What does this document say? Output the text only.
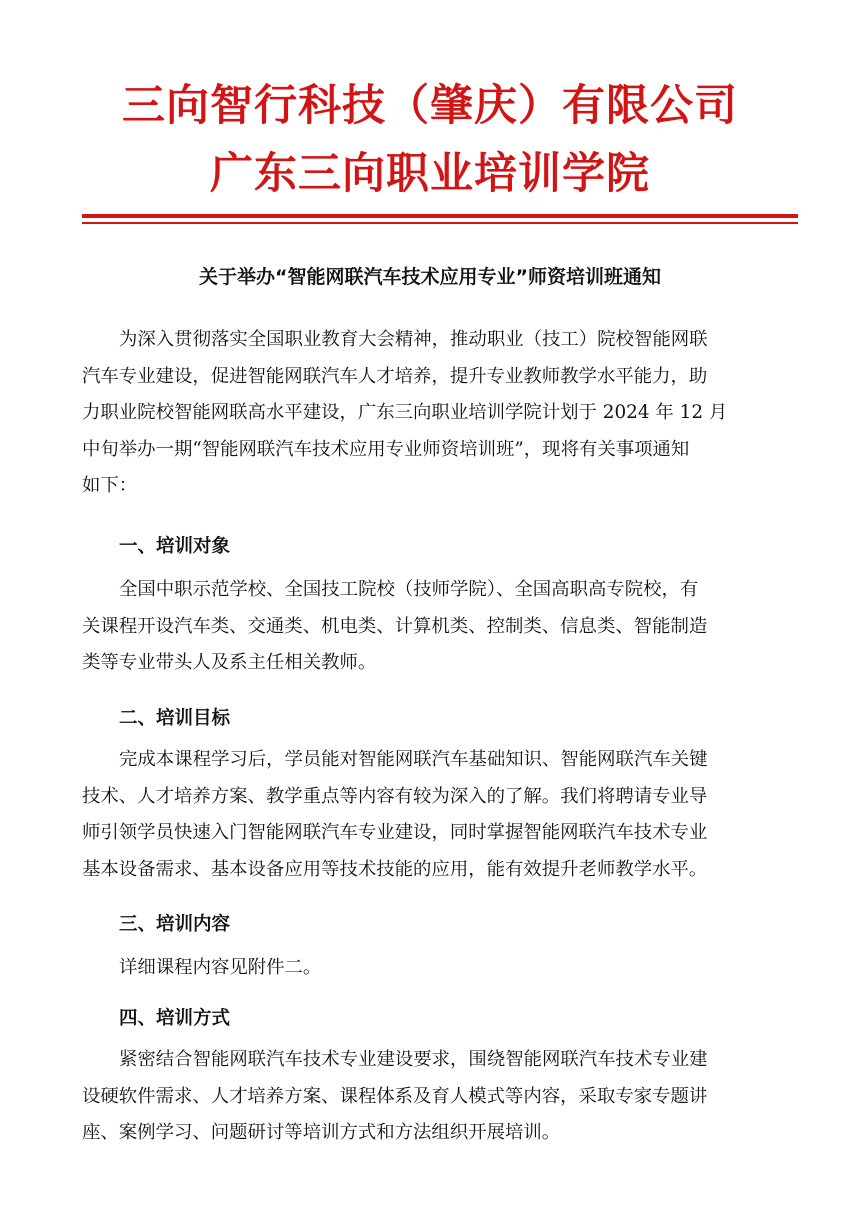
三向智行科技（肇庆）有限公司
广东三向职业培训学院
关于举办“智能网联汽车技术应用专业”师资培训班通知
为深入贯彻落实全国职业教育大会精神，推动职业（技工）院校智能网联
汽车专业建设，促进智能网联汽车人才培养，提升专业教师教学水平能力，助
力职业院校智能网联高水平建设，广东三向职业培训学院计划于 2024 年 12 月
中旬举办一期“智能网联汽车技术应用专业师资培训班”，现将有关事项通知
如下：
一、培训对象
全国中职示范学校、全国技工院校（技师学院）、全国高职高专院校，有
关课程开设汽车类、交通类、机电类、计算机类、控制类、信息类、智能制造
类等专业带头人及系主任相关教师。
二、培训目标
完成本课程学习后，学员能对智能网联汽车基础知识、智能网联汽车关键
技术、人才培养方案、教学重点等内容有较为深入的了解。我们将聘请专业导
师引领学员快速入门智能网联汽车专业建设，同时掌握智能网联汽车技术专业
基本设备需求、基本设备应用等技术技能的应用，能有效提升老师教学水平。
三、培训内容
详细课程内容见附件二。
四、培训方式
紧密结合智能网联汽车技术专业建设要求，围绕智能网联汽车技术专业建
设硬软件需求、人才培养方案、课程体系及育人模式等内容，采取专家专题讲
座、案例学习、问题研讨等培训方式和方法组织开展培训。
